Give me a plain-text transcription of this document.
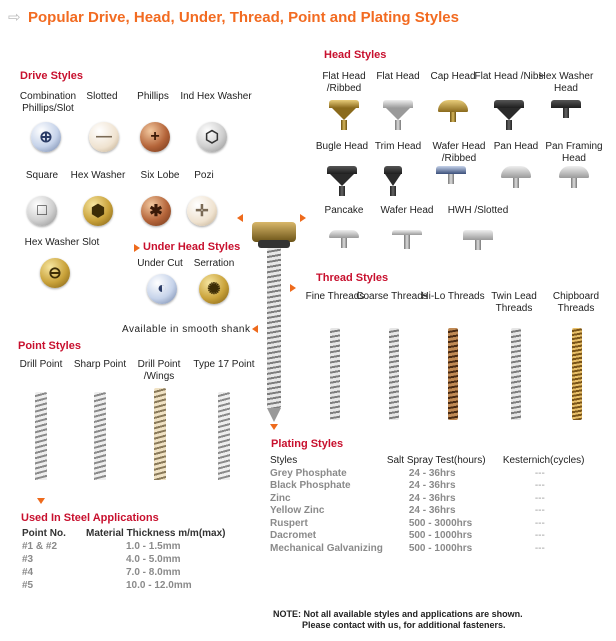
⇨ Popular Drive, Head, Under, Thread, Point and Plating Styles
Drive Styles
Combination Phillips/Slot
Slotted	Phillips	Ind Hex Washer
⊕	—	+	⬡
Square	Hex Washer	Six Lobe	Pozi
□	⬢	✱	✛
Hex Washer Slot
⊖
Under Head Styles
Under Cut	Serration
◐	✺
Available in smooth shank
Head Styles
Flat Head /Ribbed
Flat Head	Cap Head Flat Head /Nibs
Hex Washer Head
Bugle Head Trim Head	Wafer Head /Ribbed
Pan Head Pan Framing Head
Pancake	Wafer Head	HWH /Slotted
Thread Styles
Fine Threads
Coarse Threads
Hi-Lo Threads Twin Lead Threads
Chipboard Threads
Point Styles
Drill Point	Sharp Point	Drill Point /Wings
Type 17 Point
Used In Steel Applications
Point No.	Material Thickness m/m(max)
#1 & #2	1.0 - 1.5mm
#3	4.0 - 5.0mm
#4	7.0 - 8.0mm
#5	10.0 - 12.0mm
Plating Styles
Styles	Salt Spray Test(hours)	Kesternich(cycles)
Grey Phosphate	24 - 36hrs	---
Black Phosphate	24 - 36hrs	---
Zinc	24 - 36hrs	---
Yellow Zinc	24 - 36hrs	---
Ruspert	500 - 3000hrs	---
Dacromet	500 - 1000hrs	---
Mechanical Galvanizing	500 - 1000hrs	---
NOTE: Not all available styles and applications are shown.
Please contact with us, for additional fasteners.
